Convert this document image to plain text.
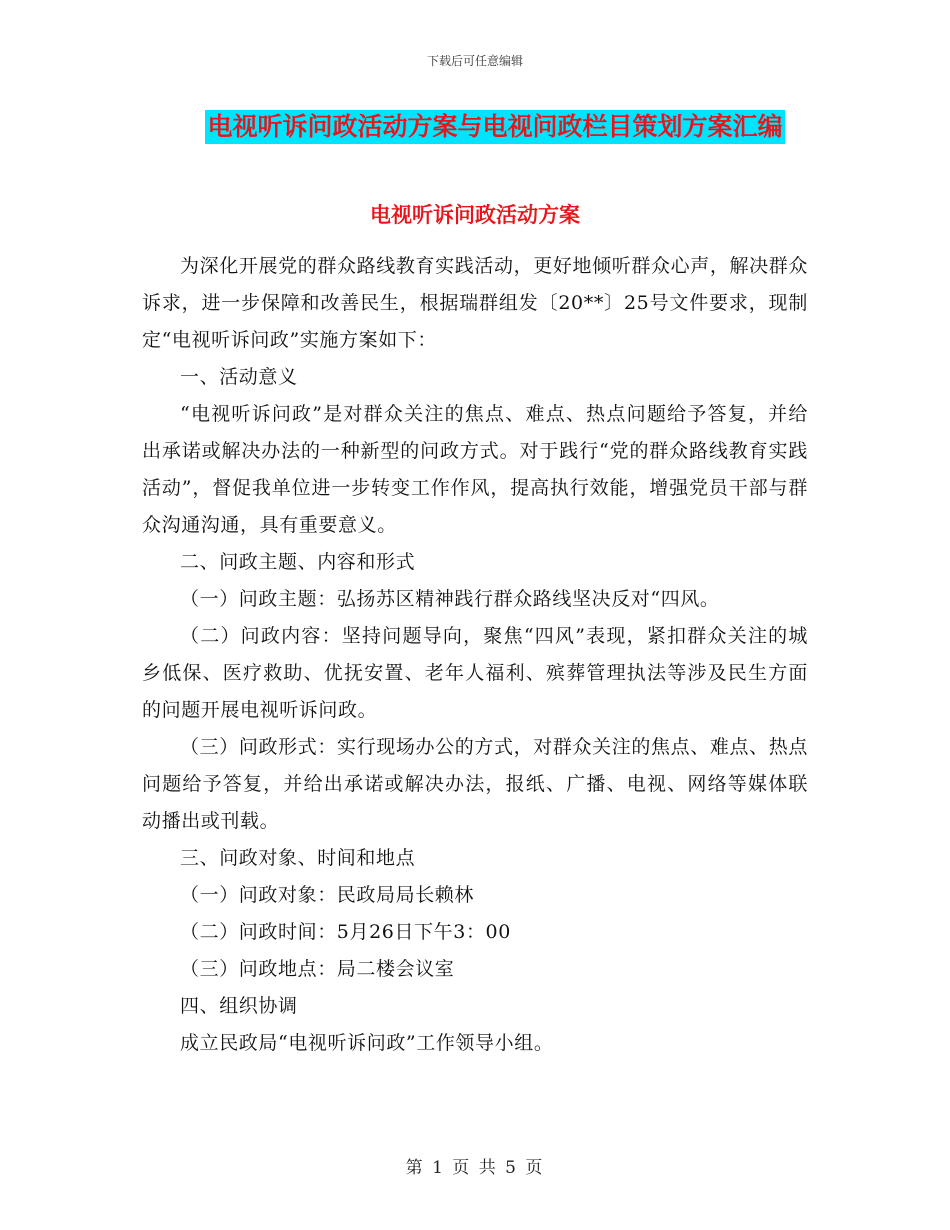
下载后可任意编辑
电视听诉问政活动方案与电视问政栏目策划方案汇编
电视听诉问政活动方案

为深化开展党的群众路线教育实践活动，更好地倾听群众心声，解决群众诉求，进一步保障和改善民生，根据瑞群组发〔20**〕25号文件要求，现制定“电视听诉问政”实施方案如下：

一、活动意义

“电视听诉问政”是对群众关注的焦点、难点、热点问题给予答复，并给出承诺或解决办法的一种新型的问政方式。对于践行“党的群众路线教育实践活动”，督促我单位进一步转变工作作风，提高执行效能，增强党员干部与群众沟通沟通，具有重要意义。

二、问政主题、内容和形式

（一）问政主题：弘扬苏区精神践行群众路线坚决反对“四风。

（二）问政内容：坚持问题导向，聚焦“四风”表现，紧扣群众关注的城乡低保、医疗救助、优抚安置、老年人福利、殡葬管理执法等涉及民生方面的问题开展电视听诉问政。

（三）问政形式：实行现场办公的方式，对群众关注的焦点、难点、热点问题给予答复，并给出承诺或解决办法，报纸、广播、电视、网络等媒体联动播出或刊载。

三、问政对象、时间和地点

（一）问政对象：民政局局长赖林

（二）问政时间：5月26日下午3：00

（三）问政地点：局二楼会议室

四、组织协调

成立民政局“电视听诉问政”工作领导小组。

第 1 页 共 5 页
